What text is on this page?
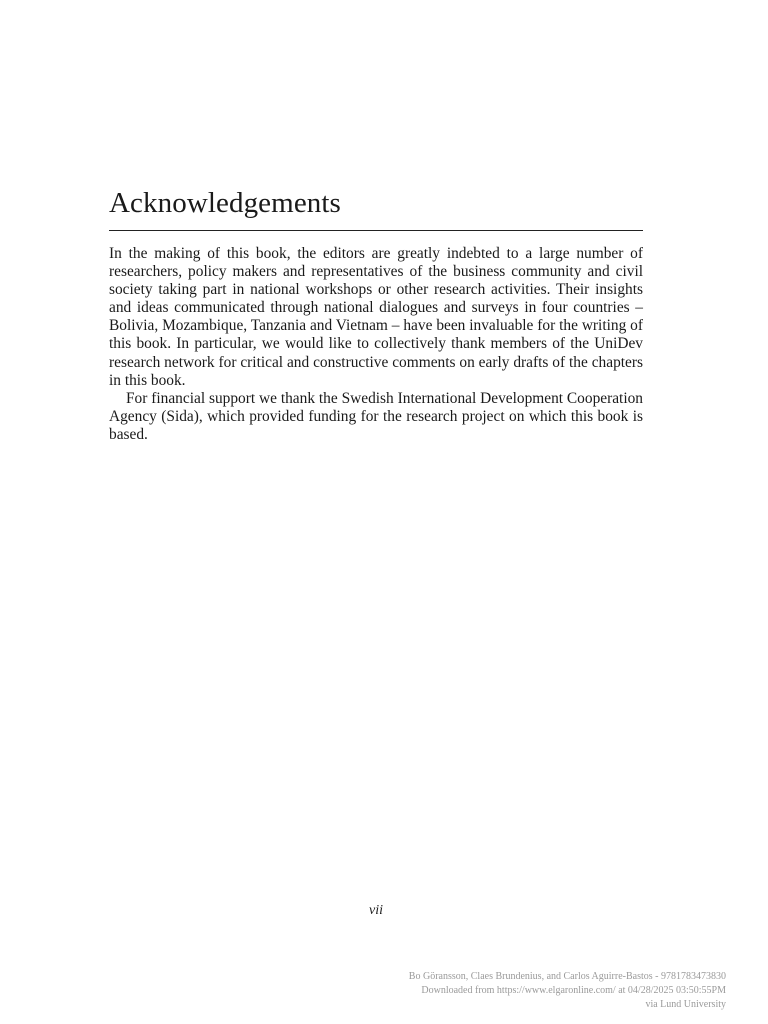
Acknowledgements

In the making of this book, the editors are greatly indebted to a large number of researchers, policy makers and representatives of the business community and civil society taking part in national workshops or other research activities. Their insights and ideas communicated through national dialogues and surveys in four countries – Bolivia, Mozambique, Tanzania and Vietnam – have been invaluable for the writing of this book. In particular, we would like to collectively thank members of the UniDev research network for critical and constructive comments on early drafts of the chapters in this book.

For financial support we thank the Swedish International Development Cooperation Agency (Sida), which provided funding for the research project on which this book is based.

vii
Bo Göransson, Claes Brundenius, and Carlos Aguirre-Bastos - 9781783473830
Downloaded from https://www.elgaronline.com/ at 04/28/2025 03:50:55PM
via Lund University
